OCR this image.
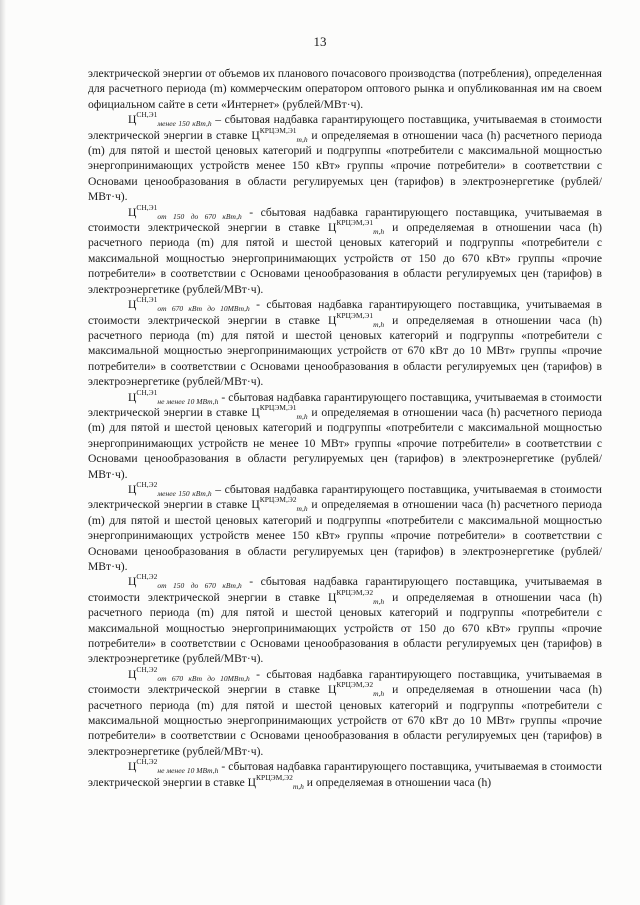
13

электрической энергии от объемов их планового почасового производства (потребления), определенная для расчетного периода (m) коммерческим оператором оптового рынка и опубликованная им на своем официальном сайте в сети «Интернет» (рублей/МВт·ч).

$Ц^{СН,Э1}_{менее 150 кВт,h}$ – сбытовая надбавка гарантирующего поставщика, учитываемая в стоимости электрической энергии в ставке $Ц^{КРЦЭМ,Э1}_{m,h}$ и определяемая в отношении часа (h) расчетного периода (m) для пятой и шестой ценовых категорий и подгруппы «потребители с максимальной мощностью энергопринимающих устройств менее 150 кВт» группы «прочие потребители» в соответствии с Основами ценообразования в области регулируемых цен (тарифов) в электроэнергетике (рублей/МВт·ч).

$Ц^{СН,Э1}_{от 150 до 670 кВт,h}$ - сбытовая надбавка гарантирующего поставщика, учитываемая в стоимости электрической энергии в ставке $Ц^{КРЦЭМ,Э1}_{m,h}$ и определяемая в отношении часа (h) расчетного периода (m) для пятой и шестой ценовых категорий и подгруппы «потребители с максимальной мощностью энергопринимающих устройств от 150 до 670 кВт» группы «прочие потребители» в соответствии с Основами ценообразования в области регулируемых цен (тарифов) в электроэнергетике (рублей/МВт·ч).

$Ц^{СН,Э1}_{от 670 кВт до 10МВт,h}$ - сбытовая надбавка гарантирующего поставщика, учитываемая в стоимости электрической энергии в ставке $Ц^{КРЦЭМ,Э1}_{m,h}$ и определяемая в отношении часа (h) расчетного периода (m) для пятой и шестой ценовых категорий и подгруппы «потребители с максимальной мощностью энергопринимающих устройств от 670 кВт до 10 МВт» группы «прочие потребители» в соответствии с Основами ценообразования в области регулируемых цен (тарифов) в электроэнергетике (рублей/МВт·ч).

$Ц^{СН,Э1}_{не менее 10 МВт,h}$ - сбытовая надбавка гарантирующего поставщика, учитываемая в стоимости электрической энергии в ставке $Ц^{КРЦЭМ,Э1}_{m,h}$ и определяемая в отношении часа (h) расчетного периода (m) для пятой и шестой ценовых категорий и подгруппы «потребители с максимальной мощностью энергопринимающих устройств не менее 10 МВт» группы «прочие потребители» в соответствии с Основами ценообразования в области регулируемых цен (тарифов) в электроэнергетике (рублей/МВт·ч).

$Ц^{СН,Э2}_{менее 150 кВт,h}$ – сбытовая надбавка гарантирующего поставщика, учитываемая в стоимости электрической энергии в ставке $Ц^{КРЦЭМ,Э2}_{m,h}$ и определяемая в отношении часа (h) расчетного периода (m) для пятой и шестой ценовых категорий и подгруппы «потребители с максимальной мощностью энергопринимающих устройств менее 150 кВт» группы «прочие потребители» в соответствии с Основами ценообразования в области регулируемых цен (тарифов) в электроэнергетике (рублей/МВт·ч).

$Ц^{СН,Э2}_{от 150 до 670 кВт,h}$ - сбытовая надбавка гарантирующего поставщика, учитываемая в стоимости электрической энергии в ставке $Ц^{КРЦЭМ,Э2}_{m,h}$ и определяемая в отношении часа (h) расчетного периода (m) для пятой и шестой ценовых категорий и подгруппы «потребители с максимальной мощностью энергопринимающих устройств от 150 до 670 кВт» группы «прочие потребители» в соответствии с Основами ценообразования в области регулируемых цен (тарифов) в электроэнергетике (рублей/МВт·ч).

$Ц^{СН,Э2}_{от 670 кВт до 10МВт,h}$ - сбытовая надбавка гарантирующего поставщика, учитываемая в стоимости электрической энергии в ставке $Ц^{КРЦЭМ,Э2}_{m,h}$ и определяемая в отношении часа (h) расчетного периода (m) для пятой и шестой ценовых категорий и подгруппы «потребители с максимальной мощностью энергопринимающих устройств от 670 кВт до 10 МВт» группы «прочие потребители» в соответствии с Основами ценообразования в области регулируемых цен (тарифов) в электроэнергетике (рублей/МВт·ч).

$Ц^{СН,Э2}_{не менее 10 МВт,h}$ - сбытовая надбавка гарантирующего поставщика, учитываемая в стоимости электрической энергии в ставке $Ц^{КРЦЭМ,Э2}_{m,h}$ и определяемая в отношении часа (h)
